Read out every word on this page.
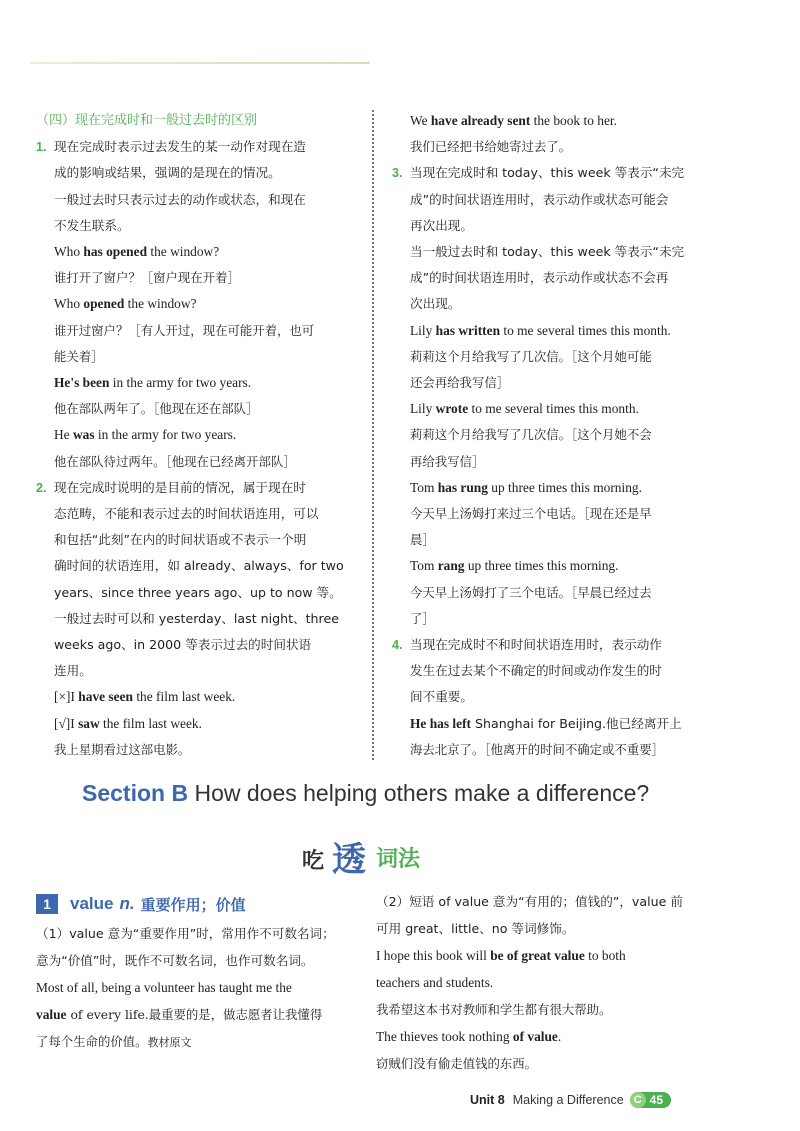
（四）现在完成时和一般过去时的区别
1. 现在完成时表示过去发生的某一动作对现在造
成的影响或结果，强调的是现在的情况。
一般过去时只表示过去的动作或状态，和现在
不发生联系。
Who has opened the window?
谁打开了窗户？［窗户现在开着］
Who opened the window?
谁开过窗户？［有人开过，现在可能开着，也可
能关着］
He's been in the army for two years.
他在部队两年了。［他现在还在部队］
He was in the army for two years.
他在部队待过两年。［他现在已经离开部队］
2. 现在完成时说明的是目前的情况，属于现在时
态范畴，不能和表示过去的时间状语连用，可以
和包括“此刻”在内的时间状语或不表示一个明
确时间的状语连用，如 already、always、for two
years、since three years ago、up to now 等。
一般过去时可以和 yesterday、last night、three
weeks ago、in 2000 等表示过去的时间状语
连用。
[×]I have seen the film last week.
[√]I saw the film last week.
我上星期看过这部电影。
We have already sent the book to her.
我们已经把书给她寄过去了。
3. 当现在完成时和 today、this week 等表示“未完
成”的时间状语连用时，表示动作或状态可能会
再次出现。
当一般过去时和 today、this week 等表示“未完
成”的时间状语连用时，表示动作或状态不会再
次出现。
Lily has written to me several times this month.
莉莉这个月给我写了几次信。［这个月她可能
还会再给我写信］
Lily wrote to me several times this month.
莉莉这个月给我写了几次信。［这个月她不会
再给我写信］
Tom has rung up three times this morning.
今天早上汤姆打来过三个电话。［现在还是早
晨］
Tom rang up three times this morning.
今天早上汤姆打了三个电话。［早晨已经过去
了］
4. 当现在完成时不和时间状语连用时，表示动作
发生在过去某个不确定的时间或动作发生的时
间不重要。
He has left Shanghai for Beijing.他已经离开上
海去北京了。［他离开的时间不确定或不重要］
Section B How does helping others make a difference?
吃 透 词法
1	value n. 重要作用；价值
（1）value 意为“重要作用”时，常用作不可数名词；
意为“价值”时，既作不可数名词，也作可数名词。
Most of all, being a volunteer has taught me the
value of every life.最重要的是，做志愿者让我懂得
了每个生命的价值。教材原文
（2）短语 of value 意为“有用的；值钱的”，value 前
可用 great、little、no 等词修饰。
I hope this book will be of great value to both
teachers and students.
我希望这本书对教师和学生都有很大帮助。
The thieves took nothing of value.
窃贼们没有偷走值钱的东西。
Unit 8 Making a Difference C 45
